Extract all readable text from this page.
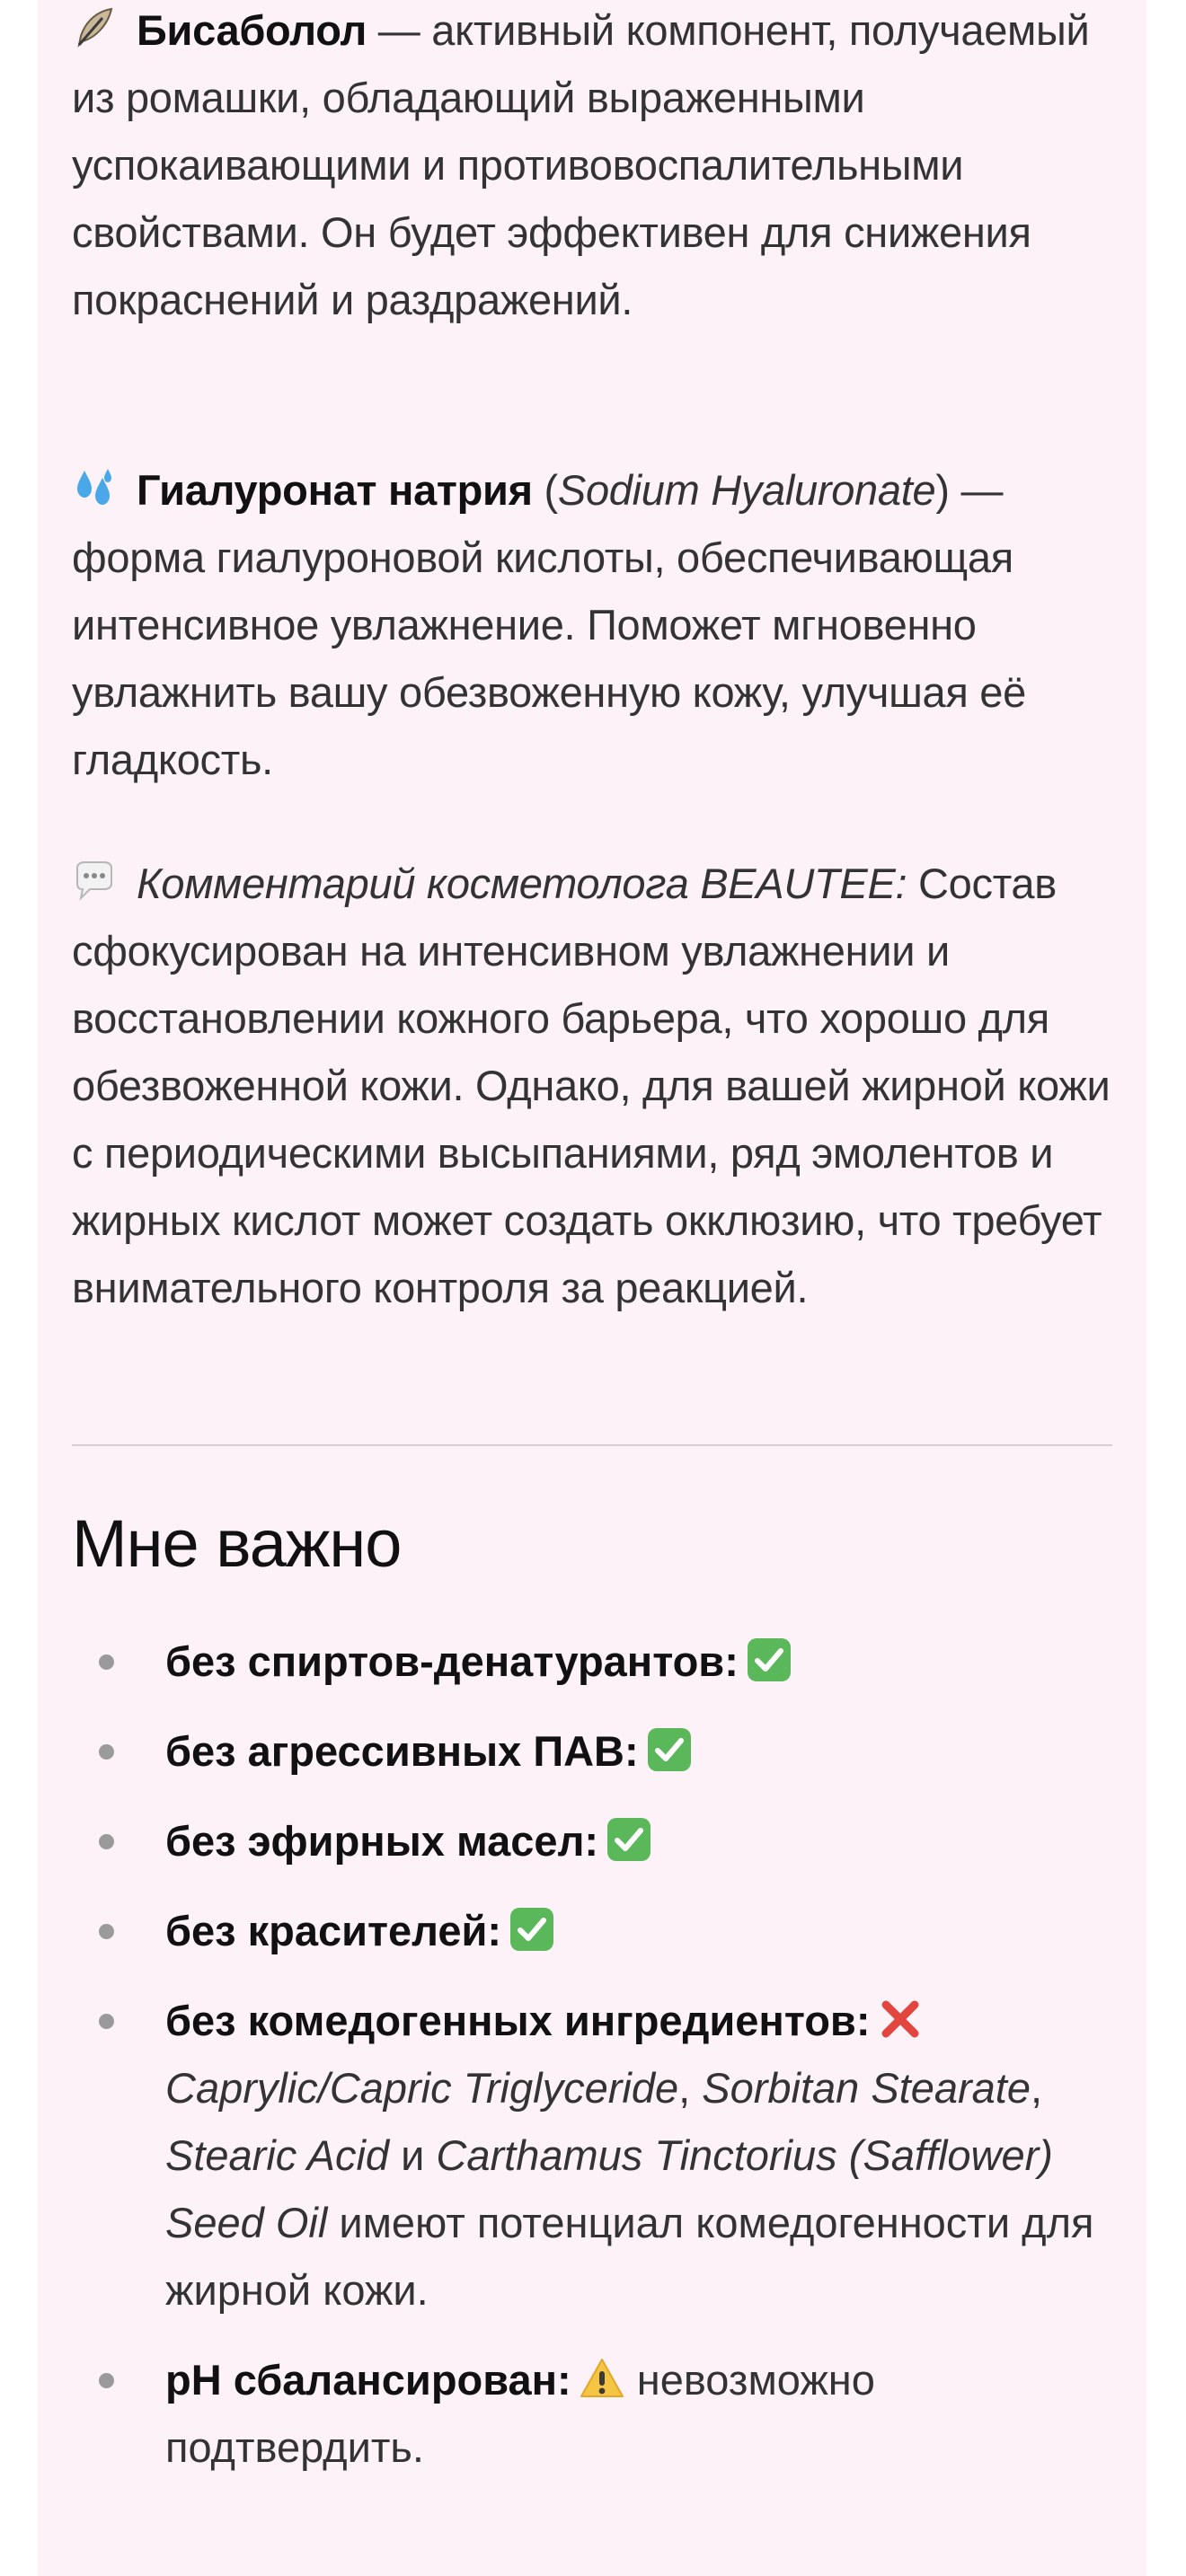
Бисаболол — активный компонент, получаемый из ромашки, обладающий выраженными успокаивающими и противовоспалительными свойствами. Он будет эффективен для снижения покраснений и раздражений.

Гиалуронат натрия (Sodium Hyaluronate) — форма гиалуроновой кислоты, обеспечивающая интенсивное увлажнение. Поможет мгновенно увлажнить вашу обезвоженную кожу, улучшая её гладкость.

Комментарий косметолога BEAUTEE: Состав сфокусирован на интенсивном увлажнении и восстановлении кожного барьера, что хорошо для обезвоженной кожи. Однако, для вашей жирной кожи с периодическими высыпаниями, ряд эмолентов и жирных кислот может создать окклюзию, что требует внимательного контроля за реакцией.

Мне важно
без спиртов-денатурантов:
без агрессивных ПАВ:
без эфирных масел:
без красителей:
без комедогенных ингредиентов:

Caprylic/Capric Triglyceride, Sorbitan Stearate, Stearic Acid и Carthamus Tinctorius (Safflower) Seed Oil имеют потенциал комедогенности для жирной кожи.
pH сбалансирован:
невозможно подтвердить.
